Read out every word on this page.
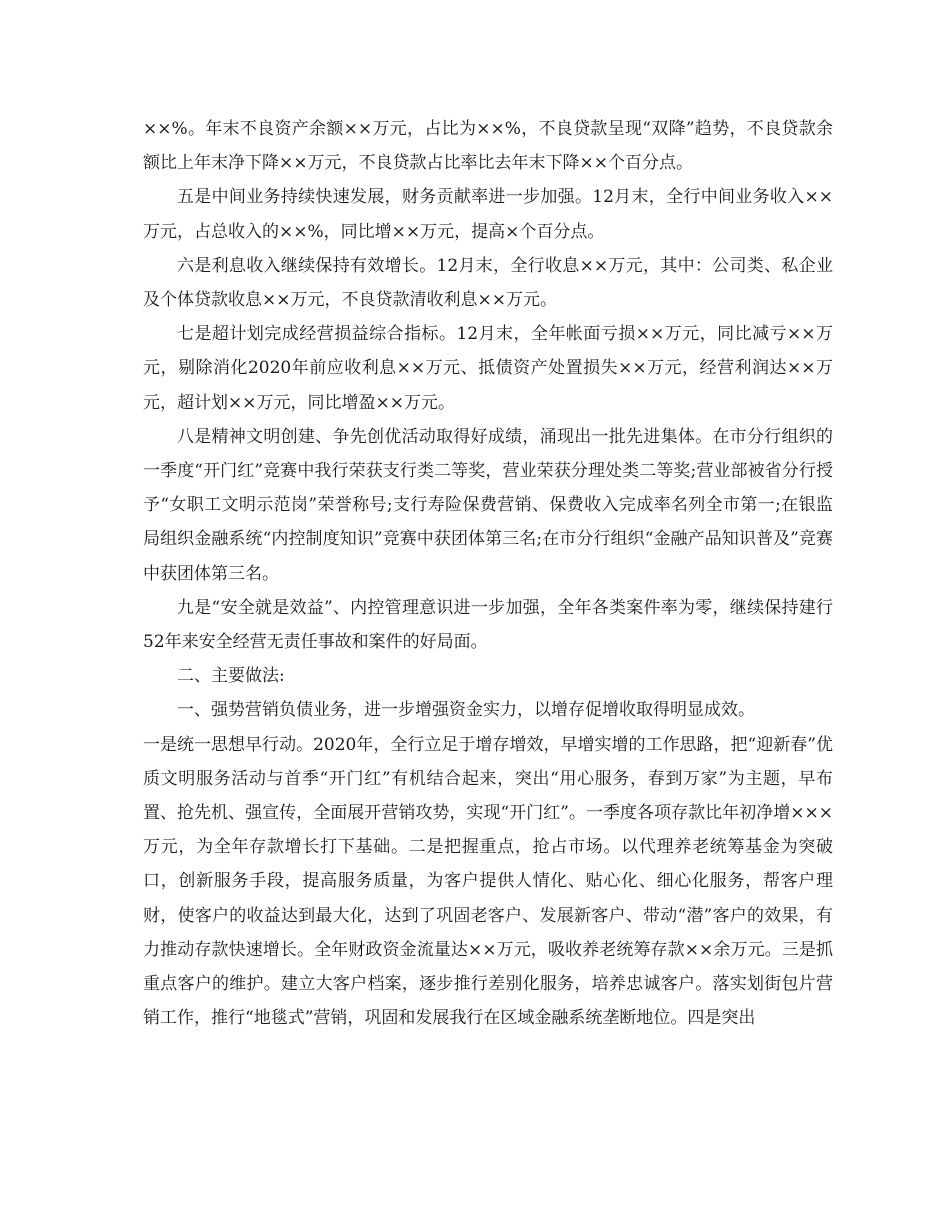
××%。年末不良资产余额××万元，占比为××%，不良贷款呈现“双降”趋势，不良贷款余额比上年末净下降××万元，不良贷款占比率比去年末下降××个百分点。

五是中间业务持续快速发展，财务贡献率进一步加强。12月末，全行中间业务收入××万元，占总收入的××%，同比增××万元，提高×个百分点。

六是利息收入继续保持有效增长。12月末，全行收息××万元，其中：公司类、私企业及个体贷款收息××万元，不良贷款清收利息××万元。

七是超计划完成经营损益综合指标。12月末，全年帐面亏损××万元，同比减亏××万元，剔除消化2020年前应收利息××万元、抵债资产处置损失××万元，经营利润达××万元，超计划××万元，同比增盈××万元。

八是精神文明创建、争先创优活动取得好成绩，涌现出一批先进集体。在市分行组织的一季度“开门红”竞赛中我行荣获支行类二等奖，营业荣获分理处类二等奖;营业部被省分行授予“女职工文明示范岗”荣誉称号;支行寿险保费营销、保费收入完成率名列全市第一;在银监局组织金融系统“内控制度知识”竞赛中获团体第三名;在市分行组织“金融产品知识普及”竞赛中获团体第三名。

九是“安全就是效益”、内控管理意识进一步加强，全年各类案件率为零，继续保持建行52年来安全经营无责任事故和案件的好局面。

二、主要做法:

一、强势营销负债业务，进一步增强资金实力，以增存促增收取得明显成效。

一是统一思想早行动。2020年，全行立足于增存增效，早增实增的工作思路，把“迎新春”优质文明服务活动与首季“开门红”有机结合起来，突出“用心服务，春到万家”为主题，早布置、抢先机、强宣传，全面展开营销攻势，实现“开门红”。一季度各项存款比年初净增×××万元，为全年存款增长打下基础。二是把握重点，抢占市场。以代理养老统筹基金为突破口，创新服务手段，提高服务质量，为客户提供人情化、贴心化、细心化服务，帮客户理财，使客户的收益达到最大化，达到了巩固老客户、发展新客户、带动“潜”客户的效果，有力推动存款快速增长。全年财政资金流量达××万元，吸收养老统筹存款××余万元。三是抓重点客户的维护。建立大客户档案，逐步推行差别化服务，培养忠诚客户。落实划街包片营销工作，推行“地毯式”营销，巩固和发展我行在区域金融系统垄断地位。四是突出
